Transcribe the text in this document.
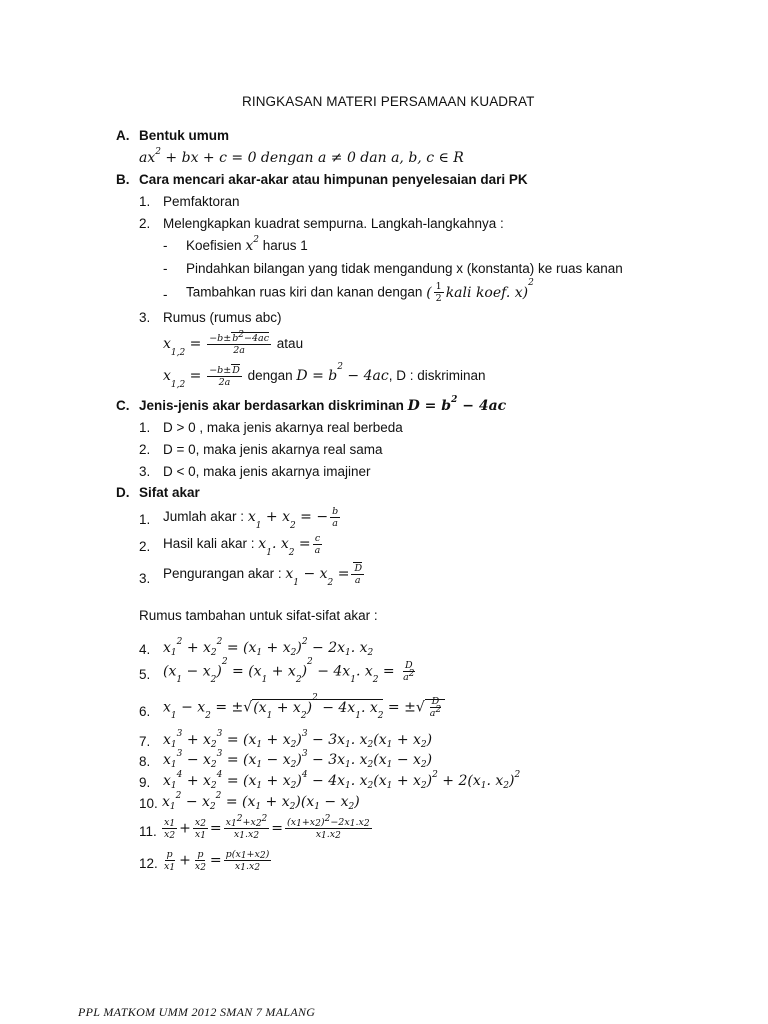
RINGKASAN MATERI PERSAMAAN KUADRAT
A. Bentuk umum
$ax^2$ + bx + c = 0 dengan a ≠ 0 dan a, b, c ∈ R
B. Cara mencari akar-akar atau himpunan penyelesaian dari PK
1. Pemfaktoran
2. Melengkapkan kuadrat sempurna. Langkah-langkahnya :
- Koefisien $x^2$ harus 1
- Pindahkan bilangan yang tidak mengandung x (konstanta) ke ruas kanan
- Tambahkan ruas kiri dan kanan dengan ( $\frac{1}{2}$ kali koef. x)$^2$
3. Rumus (rumus abc)
$x_{1,2} = \frac{-b\pm b^2-4ac}{2a}$ atau
$x_{1,2} = \frac{-b\pm D}{2a}$ dengan $D = b^2 - 4ac$, D : diskriminan
C. Jenis-jenis akar berdasarkan diskriminan $D = b^2 - 4ac$
1. D > 0 , maka jenis akarnya real berbeda
2. D = 0, maka jenis akarnya real sama
3. D < 0, maka jenis akarnya imajiner
D. Sifat akar
1. Jumlah akar : $x_1 + x_2$ = − $\frac{b}{a}$
2. Hasil kali akar : $x_1$. $x_2 = \frac{c}{a}$
3. Pengurangan akar : $x_1 - x_2 = \frac{D}{a}$
Rumus tambahan untuk sifat-sifat akar :
4. $x_1^2 + x_2^2 = (x_1 + x_2)^2 - 2x_1$. $x_2$
5. $(x_1 - x_2)^2 = (x_1 + x_2)^2 - 4x_1$. $x_2 = \frac{D}{a^2}$
6. $x_1 - x_2 = \pm√(x_1 + x_2)^2 - 4x_1$. $x_2$ = ±√ $\frac{D}{a^2}$
7. $x_1^3 + x_2^3 = (x_1 + x_2)^3 - 3x_1$. $x_2(x_1 + x_2)$
8. $x_1^3 - x_2^3 = (x_1 - x_2)^3 - 3x_1$. $x_2(x_1 - x_2)$
9. $x_1^4 + x_2^4 = (x_1 + x_2)^4 - 4x_1$. $x_2(x_1 + x_2)^2 + 2(x_1$. $x_2)^2$
10. $x_1^2 - x_2^2 = (x_1 + x_2)(x_1 - x_2)$
11. $\frac{x_1}{x_2} + \frac{x_2}{x_1} = \frac{x_1^2+x_2^2}{x_1.x_2} = \frac{(x_1+x_2)^2-2x_1.x_2}{x_1.x_2}$
12. $\frac{p}{x_1} + \frac{p}{x_2} = \frac{p(x_1+x_2)}{x_1.x_2}$
PPL MATKOM UMM 2012 SMAN 7 MALANG
